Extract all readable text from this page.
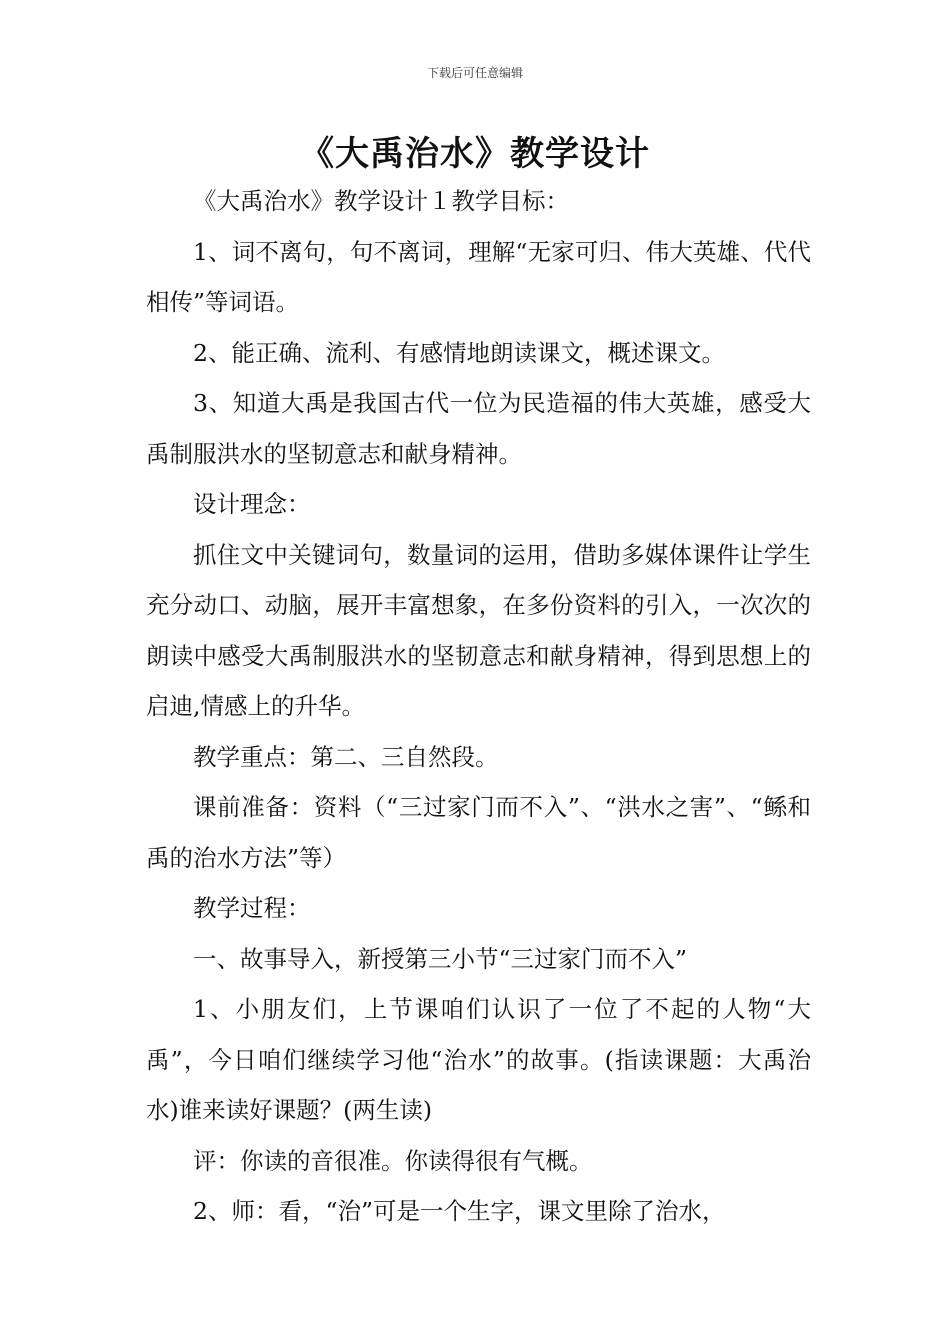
下载后可任意编辑
《大禹治水》教学设计

《大禹治水》教学设计１教学目标：

1、词不离句，句不离词，理解“无家可归、伟大英雄、代代相传”等词语。

2、能正确、流利、有感情地朗读课文，概述课文。

3、知道大禹是我国古代一位为民造福的伟大英雄，感受大禹制服洪水的坚韧意志和献身精神。

设计理念：

抓住文中关键词句，数量词的运用，借助多媒体课件让学生充分动口、动脑，展开丰富想象，在多份资料的引入，一次次的朗读中感受大禹制服洪水的坚韧意志和献身精神，得到思想上的启迪,情感上的升华。

教学重点：第二、三自然段。

课前准备：资料（“三过家门而不入”、“洪水之害”、“鲧和禹的治水方法”等）

教学过程：

一、故事导入，新授第三小节“三过家门而不入”

1、小朋友们，上节课咱们认识了一位了不起的人物“大禹”，今日咱们继续学习他“治水”的故事。(指读课题：大禹治水)谁来读好课题？(两生读)

评：你读的音很准。你读得很有气概。

2、师：看，“治”可是一个生字，课文里除了治水，
